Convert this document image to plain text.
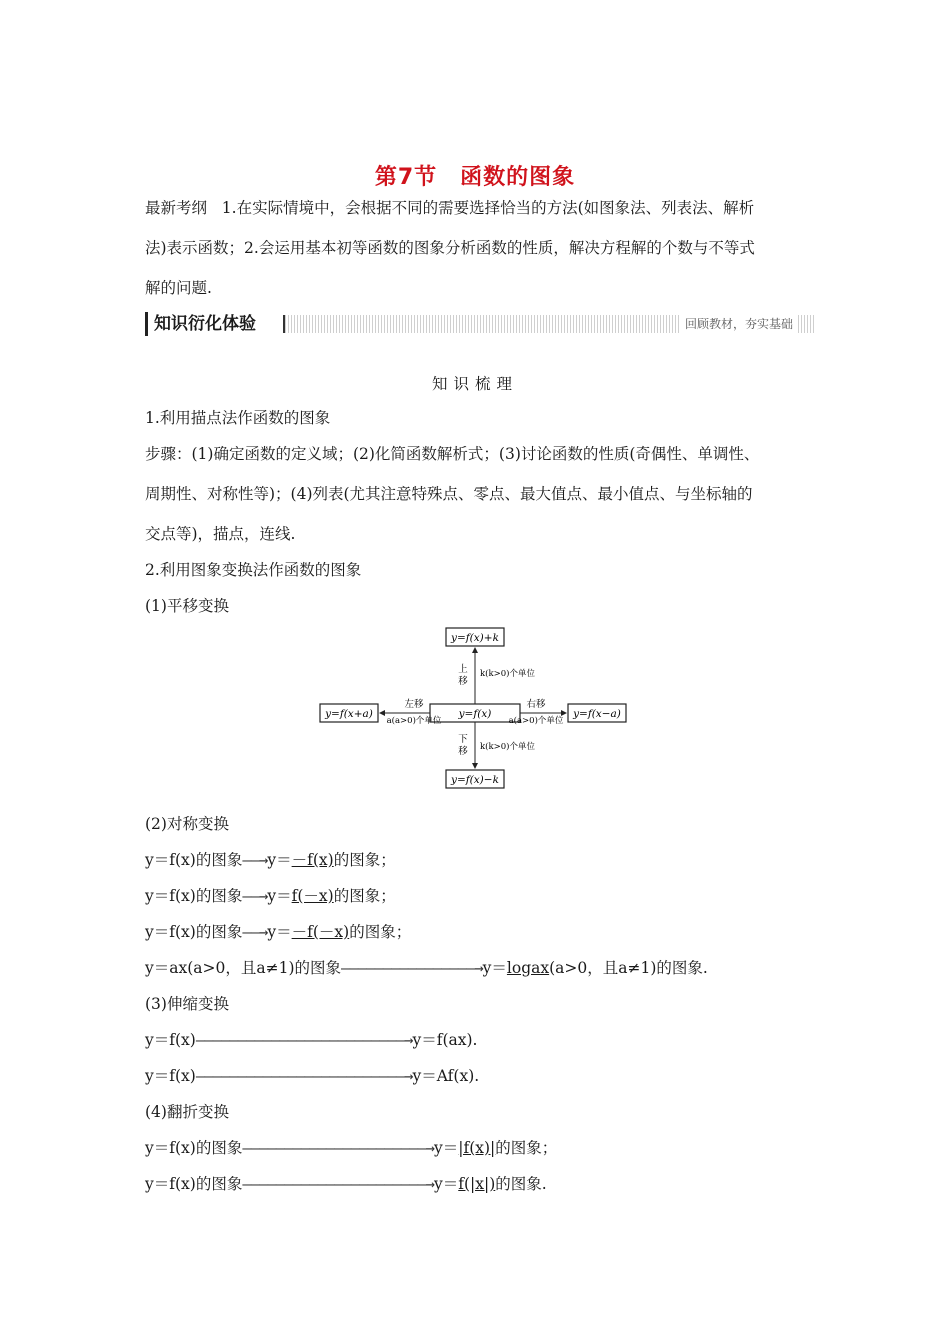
第7节　函数的图象
最新考纲 1.在实际情境中，会根据不同的需要选择恰当的方法(如图象法、列表法、解析
法)表示函数；2.会运用基本初等函数的图象分析函数的性质，解决方程解的个数与不等式
解的问题.
知识衍化体验	回顾教材，夯实基础
知识梳理
1.利用描点法作函数的图象
步骤：(1)确定函数的定义域；(2)化简函数解析式；(3)讨论函数的性质(奇偶性、单调性、
周期性、对称性等)；(4)列表(尤其注意特殊点、零点、最大值点、最小值点、与坐标轴的
交点等)，描点，连线.
2.利用图象变换法作函数的图象
(1)平移变换
y=f(x)+k
y=f(x)
y=f(x)−k
y=f(x+a)	y=f(x−a)
上
移
k(k>0)个单位
下
移 k(k>0)个单位
左移
a(a>0)个单位
右移
a(a>0)个单位
(2)对称变换
y＝f(x)的图象——→y＝－f(x)的图象；
y＝f(x)的图象——→y＝f(－x)的图象；
y＝f(x)的图象——→y＝－f(－x)的图象；
y＝ax(a>0，且a≠1)的图象————————————————→y＝logax(a>0，且a≠1)的图象.
(3)伸缩变换
y＝f(x)—————————————————————————→y＝f(ax).
y＝f(x)—————————————————————————→y＝Af(x).
(4)翻折变换
y＝f(x)的图象——————————————————————→y＝|f(x)|的图象；
y＝f(x)的图象——————————————————————→y＝f(|x|)的图象.
